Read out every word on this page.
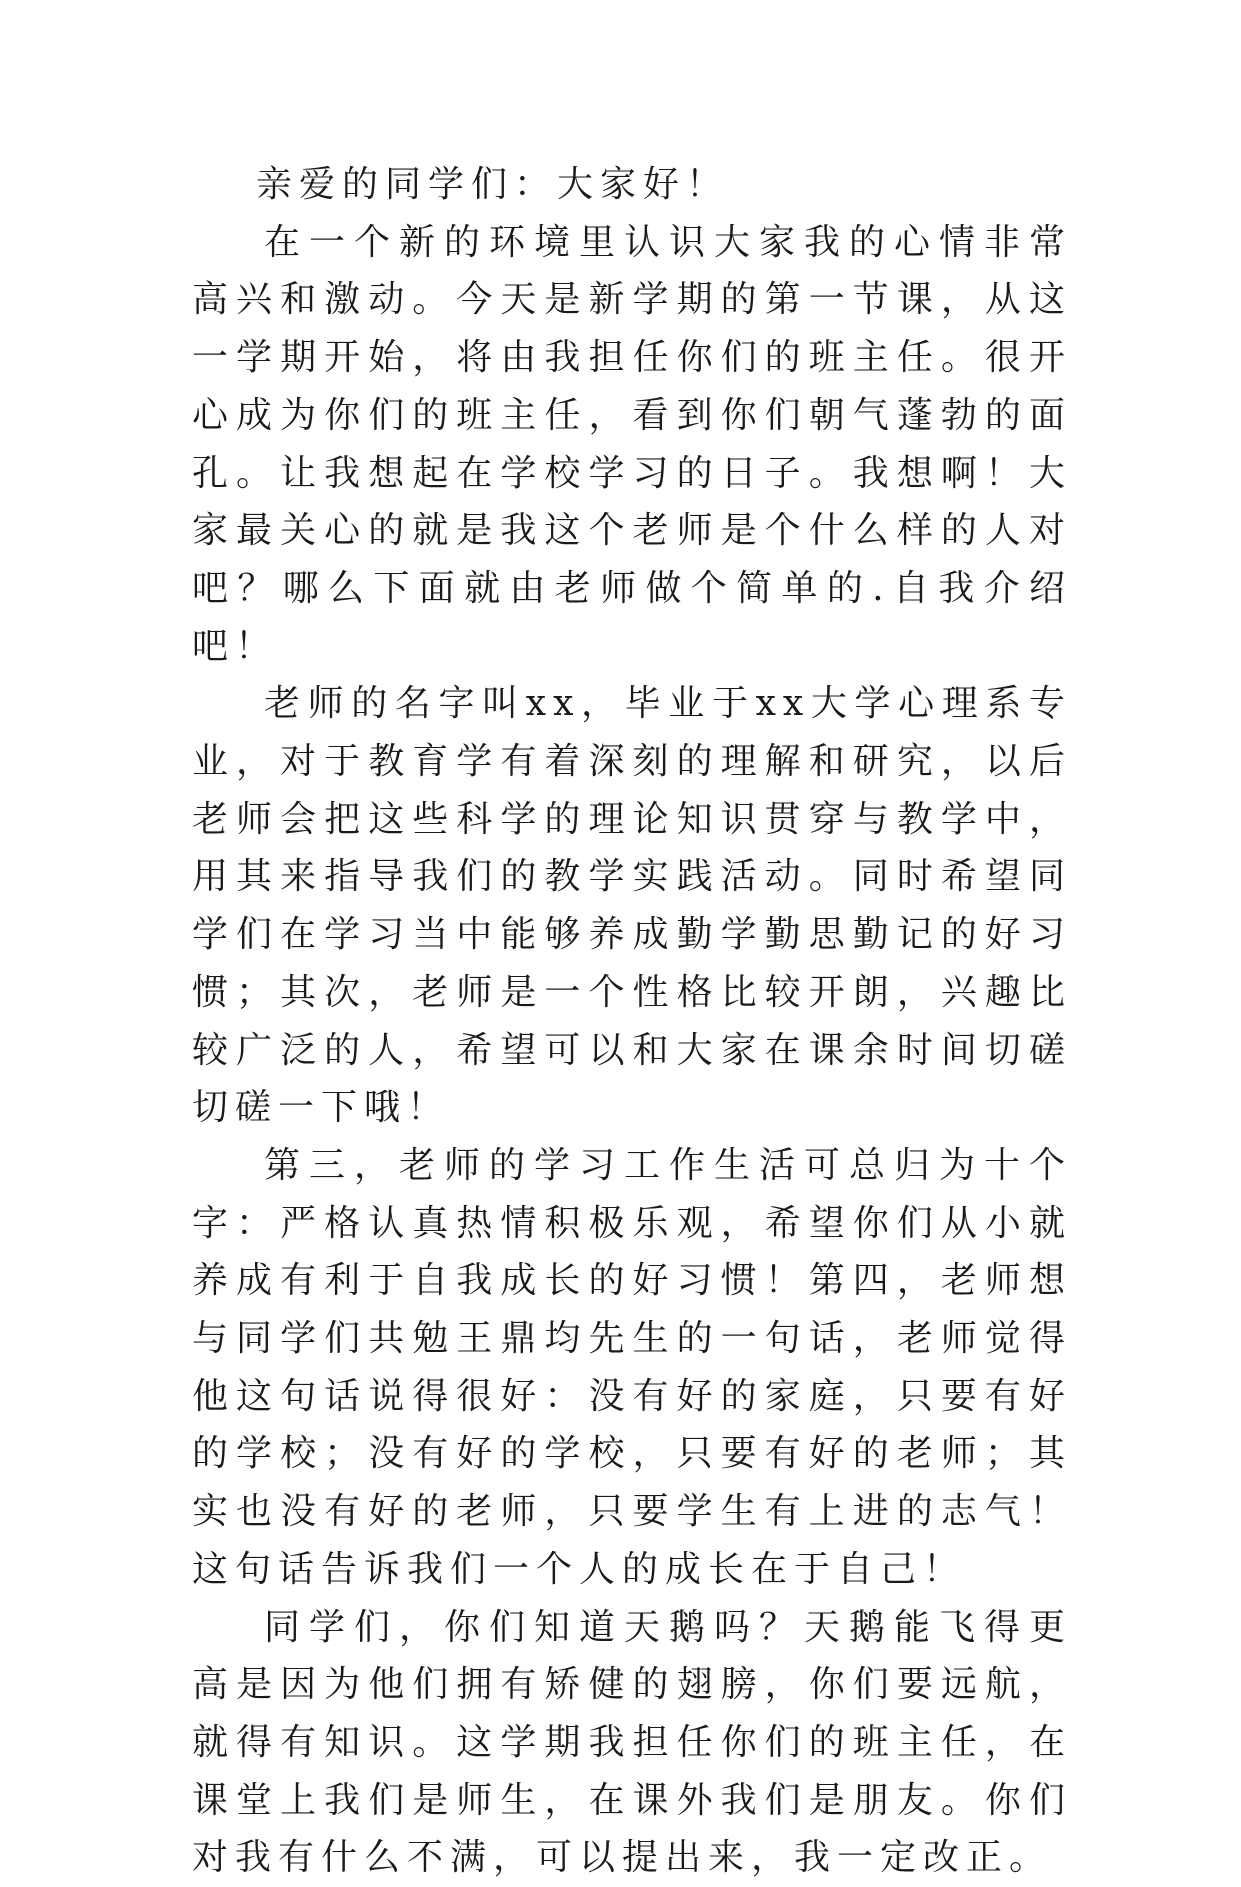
亲爱的同学们：大家好！

在一个新的环境里认识大家我的心情非常高兴和激动。今天是新学期的第一节课，从这一学期开始，将由我担任你们的班主任。很开心成为你们的班主任，看到你们朝气蓬勃的面孔。让我想起在学校学习的日子。我想啊！大家最关心的就是我这个老师是个什么样的人对吧？哪么下面就由老师做个简单的.自我介绍吧！

老师的名字叫xx，毕业于xx大学心理系专业，对于教育学有着深刻的理解和研究，以后老师会把这些科学的理论知识贯穿与教学中，用其来指导我们的教学实践活动。同时希望同学们在学习当中能够养成勤学勤思勤记的好习惯；其次，老师是一个性格比较开朗，兴趣比较广泛的人，希望可以和大家在课余时间切磋切磋一下哦！

第三，老师的学习工作生活可总归为十个字：严格认真热情积极乐观，希望你们从小就养成有利于自我成长的好习惯！第四，老师想与同学们共勉王鼎均先生的一句话，老师觉得他这句话说得很好：没有好的家庭，只要有好的学校；没有好的学校，只要有好的老师；其实也没有好的老师，只要学生有上进的志气！这句话告诉我们一个人的成长在于自己！

同学们，你们知道天鹅吗？天鹅能飞得更高是因为他们拥有矫健的翅膀，你们要远航，就得有知识。这学期我担任你们的班主任，在课堂上我们是师生，在课外我们是朋友。你们对我有什么不满，可以提出来，我一定改正。
